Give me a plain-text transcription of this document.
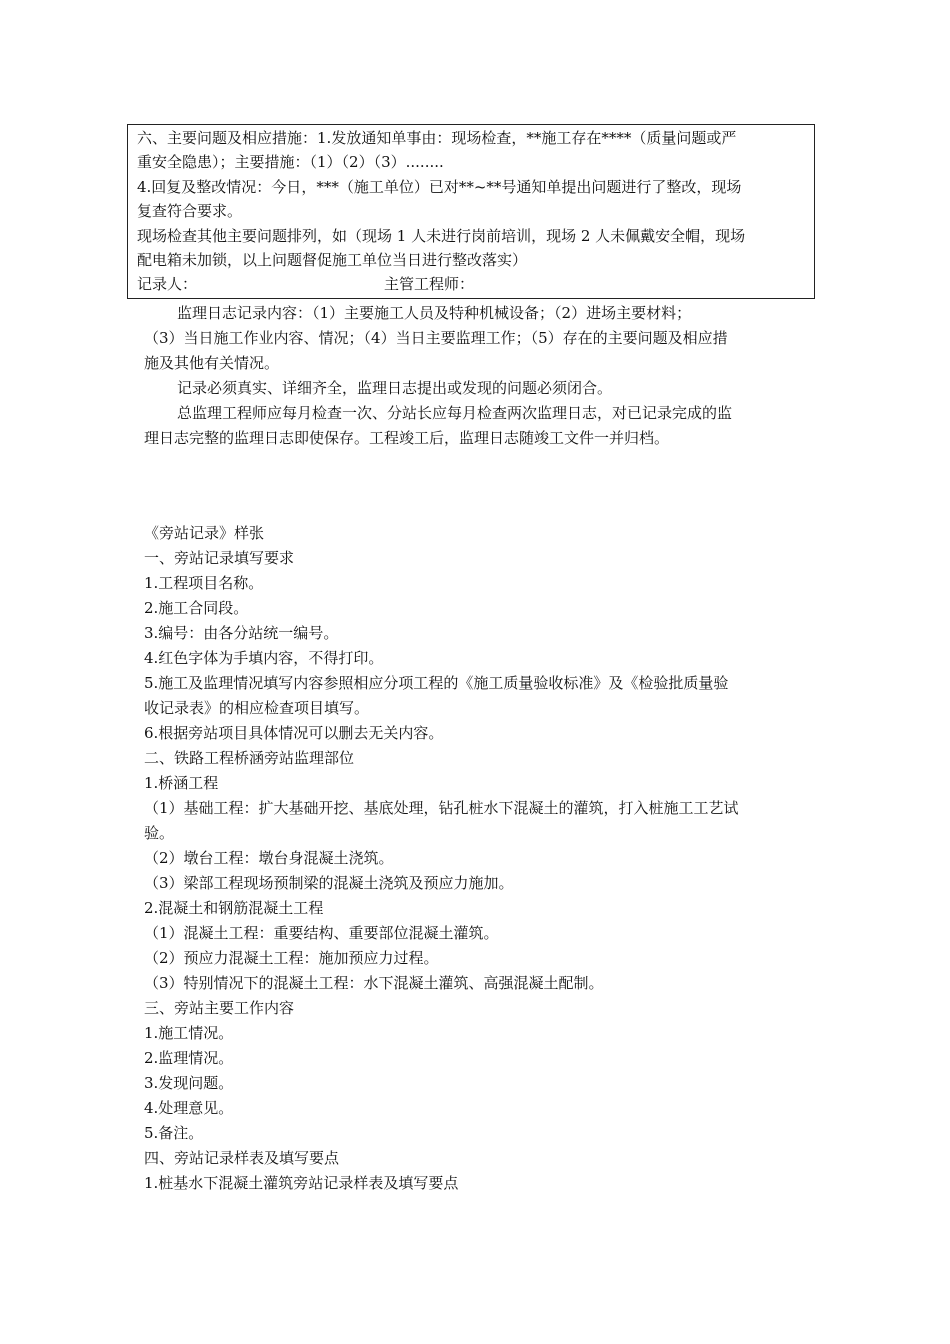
六、主要问题及相应措施：1.发放通知单事由：现场检查，**施工存在****（质量问题或严
重安全隐患）；主要措施：（1）（2）（3）........
4.回复及整改情况：今日，***（施工单位）已对**~**号通知单提出问题进行了整改，现场
复查符合要求。
现场检查其他主要问题排列，如（现场 1 人未进行岗前培训，现场 2 人未佩戴安全帽，现场
配电箱未加锁，以上问题督促施工单位当日进行整改落实）
记录人：	主管工程师：
监理日志记录内容：（1）主要施工人员及特种机械设备；（2）进场主要材料；
（3）当日施工作业内容、情况；（4）当日主要监理工作；（5）存在的主要问题及相应措
施及其他有关情况。
记录必须真实、详细齐全，监理日志提出或发现的问题必须闭合。
总监理工程师应每月检查一次、分站长应每月检查两次监理日志，对已记录完成的监
理日志完整的监理日志即使保存。工程竣工后，监理日志随竣工文件一并归档。
《旁站记录》样张
一、旁站记录填写要求
1.工程项目名称。
2.施工合同段。
3.编号：由各分站统一编号。
4.红色字体为手填内容，不得打印。
5.施工及监理情况填写内容参照相应分项工程的《施工质量验收标准》及《检验批质量验
收记录表》的相应检查项目填写。
6.根据旁站项目具体情况可以删去无关内容。
二、铁路工程桥涵旁站监理部位
1.桥涵工程
（1）基础工程：扩大基础开挖、基底处理，钻孔桩水下混凝土的灌筑，打入桩施工工艺试
验。
（2）墩台工程：墩台身混凝土浇筑。
（3）梁部工程现场预制梁的混凝土浇筑及预应力施加。
2.混凝土和钢筋混凝土工程
（1）混凝土工程：重要结构、重要部位混凝土灌筑。
（2）预应力混凝土工程：施加预应力过程。
（3）特别情况下的混凝土工程：水下混凝土灌筑、高强混凝土配制。
三、旁站主要工作内容
1.施工情况。
2.监理情况。
3.发现问题。
4.处理意见。
5.备注。
四、旁站记录样表及填写要点
1.桩基水下混凝土灌筑旁站记录样表及填写要点
